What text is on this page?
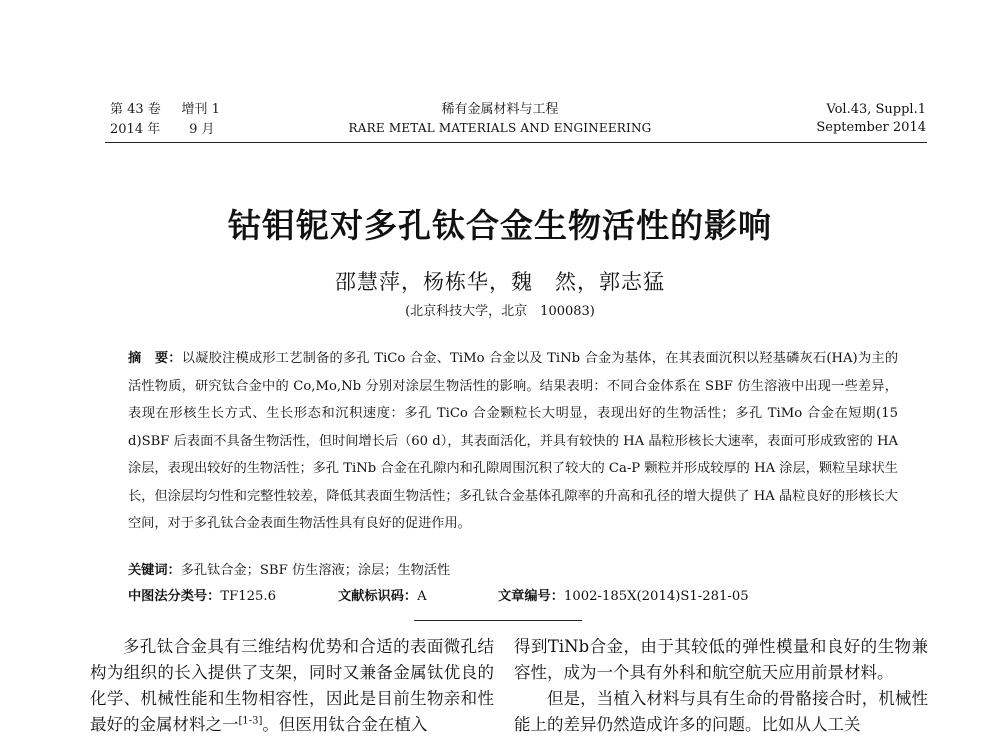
第 43 卷 增刊 1
2014 年 9 月
稀有金属材料与工程
RARE METAL MATERIALS AND ENGINEERING
Vol.43, Suppl.1
September 2014
钴钼铌对多孔钛合金生物活性的影响
邵慧萍，杨栋华，魏　然，郭志猛
(北京科技大学，北京　100083)
摘　要：以凝胶注模成形工艺制备的多孔 TiCo 合金、TiMo 合金以及 TiNb 合金为基体，在其表面沉积以羟基磷灰石(HA)为主的活性物质，研究钛合金中的 Co,Mo,Nb 分别对涂层生物活性的影响。结果表明：不同合金体系在 SBF 仿生溶液中出现一些差异，表现在形核生长方式、生长形态和沉积速度：多孔 TiCo 合金颗粒长大明显，表现出好的生物活性；多孔 TiMo 合金在短期(15 d)SBF 后表面不具备生物活性，但时间增长后（60 d），其表面活化，并具有较快的 HA 晶粒形核长大速率，表面可形成致密的 HA 涂层，表现出较好的生物活性；多孔 TiNb 合金在孔隙内和孔隙周围沉积了较大的 Ca-P 颗粒并形成较厚的 HA 涂层，颗粒呈球状生长，但涂层均匀性和完整性较差，降低其表面生物活性；多孔钛合金基体孔隙率的升高和孔径的增大提供了 HA 晶粒良好的形核长大空间，对于多孔钛合金表面生物活性具有良好的促进作用。
关键词：多孔钛合金；SBF 仿生溶液；涂层；生物活性
中图法分类号：TF125.6	文献标识码：A	文章编号：1002-185X(2014)S1-281-05

多孔钛合金具有三维结构优势和合适的表面微孔结构为组织的长入提供了支架，同时又兼备金属钛优良的化学、机械性能和生物相容性，因此是目前生物亲和性最好的金属材料之一[1-3]。但医用钛合金在植入

得到TiNb合金，由于其较低的弹性模量和良好的生物兼容性，成为一个具有外科和航空航天应用前景材料。

但是，当植入材料与具有生命的骨骼接合时，机械性能上的差异仍然造成许多的问题。比如从人工关
